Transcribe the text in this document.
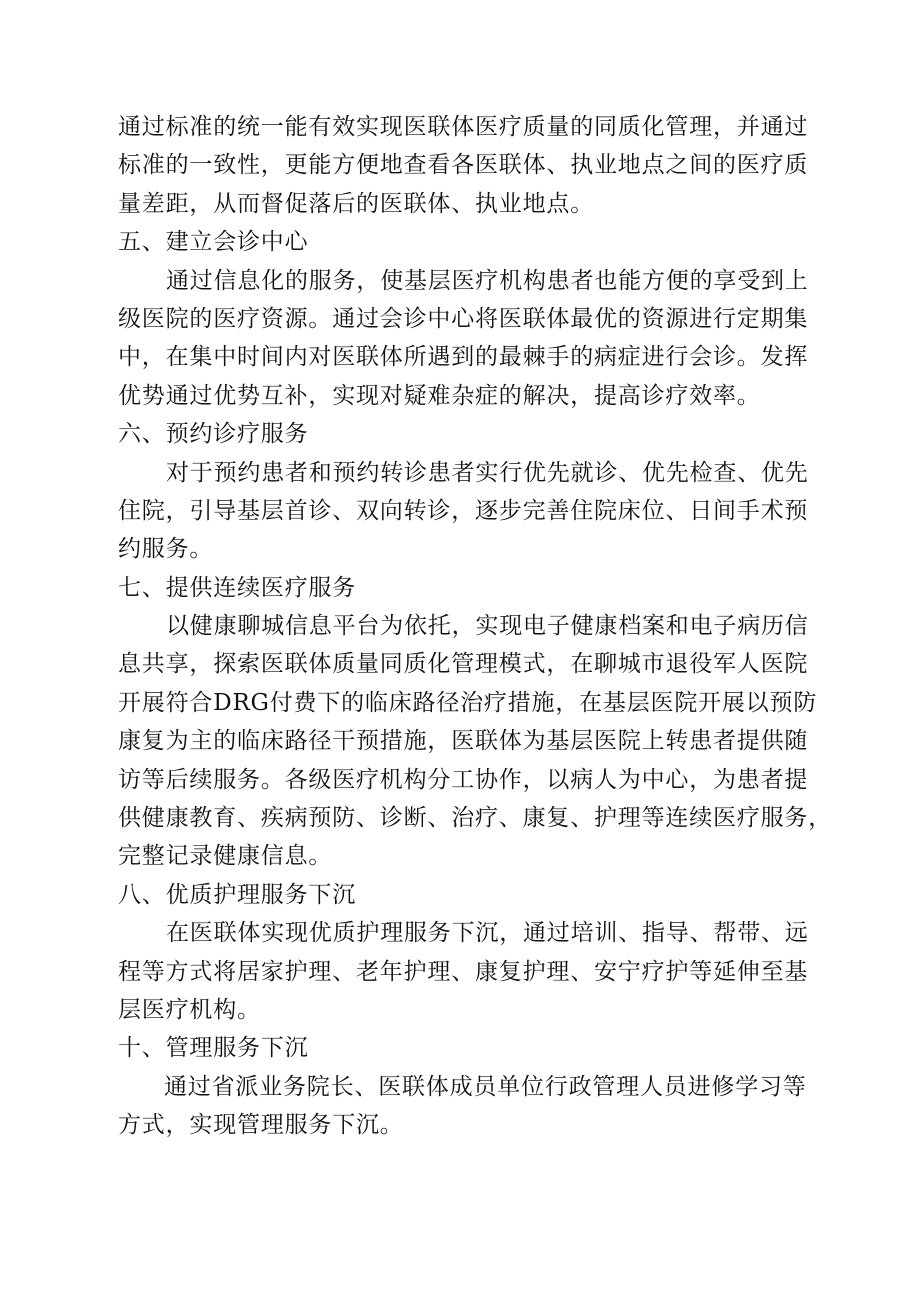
通过标准的统一能有效实现医联体医疗质量的同质化管理，并通过
标准的一致性，更能方便地查看各医联体、执业地点之间的医疗质
量差距，从而督促落后的医联体、执业地点。
五、建立会诊中心
通过信息化的服务，使基层医疗机构患者也能方便的享受到上
级医院的医疗资源。通过会诊中心将医联体最优的资源进行定期集
中，在集中时间内对医联体所遇到的最棘手的病症进行会诊。发挥
优势通过优势互补，实现对疑难杂症的解决，提高诊疗效率。
六、预约诊疗服务
对于预约患者和预约转诊患者实行优先就诊、优先检查、优先
住院，引导基层首诊、双向转诊，逐步完善住院床位、日间手术预
约服务。
七、提供连续医疗服务
以健康聊城信息平台为依托，实现电子健康档案和电子病历信
息共享，探索医联体质量同质化管理模式，在聊城市退役军人医院
开展符合DRG付费下的临床路径治疗措施，在基层医院开展以预防
康复为主的临床路径干预措施，医联体为基层医院上转患者提供随
访等后续服务。各级医疗机构分工协作，以病人为中心，为患者提
供健康教育、疾病预防、诊断、治疗、康复、护理等连续医疗服务，
完整记录健康信息。
八、优质护理服务下沉
在医联体实现优质护理服务下沉，通过培训、指导、帮带、远
程等方式将居家护理、老年护理、康复护理、安宁疗护等延伸至基
层医疗机构。
十、管理服务下沉
通过省派业务院长、医联体成员单位行政管理人员进修学习等
方式，实现管理服务下沉。
